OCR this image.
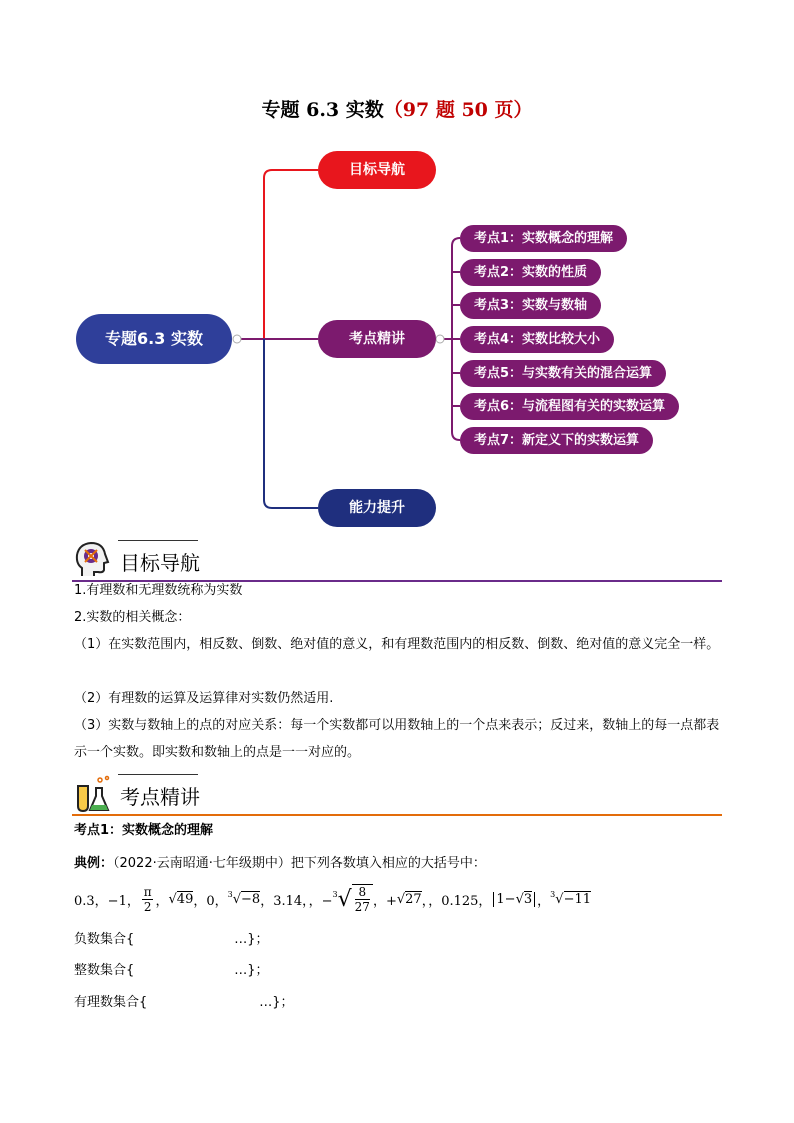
专题 6.3 实数（97 题 50 页）
专题6.3 实数
目标导航
考点精讲
能力提升
考点1：实数概念的理解
考点2：实数的性质
考点3：实数与数轴
考点4：实数比较大小
考点5：与实数有关的混合运算
考点6：与流程图有关的实数运算
考点7：新定义下的实数运算
目标导航
1.有理数和无理数统称为实数
2.实数的相关概念：
（1）在实数范围内，相反数、倒数、绝对值的意义，和有理数范围内的相反数、倒数、绝对值的意义完全一样。
（2）有理数的运算及运算律对实数仍然适用.
（3）实数与数轴上的点的对应关系：每一个实数都可以用数轴上的一个点来表示；反过来，数轴上的每一点都表示一个实数。即实数和数轴上的点是一一对应的。
考点精讲
考点1：实数概念的理解
典例：（2022·云南昭通·七年级期中）把下列各数填入相应的大括号中：
0.3，−1， $\frac{\pi}{2}$ ， √ 49 ，0， 3 √ −8 ，3.14，，− 3 √ $\frac{8}{27}$ ，+ √ 27 ，，0.125， 1−√3 ， 3 √ −11
负数集合{	…}；
整数集合{	…}；
有理数集合{	…}；
